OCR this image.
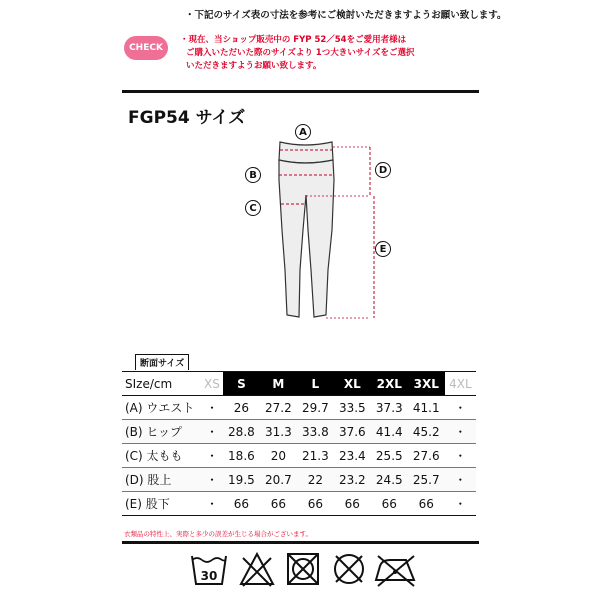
・下記のサイズ表の寸法を参考にご検討いただきますようお願い致します。
CHECK
・現在、当ショップ販売中の FYP 52／54をご愛用者様は
ご購入いただいた際のサイズより 1つ大きいサイズをご選択
いただきますようお願い致します。
FGP54 サイズ
A
B
C
D
E
断面サイズ
SIze/cm	XS	S	M	L	XL	2XL	3XL	4XL
(A) ウエスト	・	26	27.2	29.7	33.5	37.3	41.1	・
(B) ヒップ	・	28.8	31.3	33.8	37.6	41.4	45.2	・
(C) 太もも	・	18.6	20	21.3	23.4	25.5	27.6	・
(D) 股上	・	19.5	20.7	22	23.2	24.5	25.7	・
(E) 股下	・	66	66	66	66	66	66	・
衣類品の特性上、実際と多少の誤差が生じる場合がございます。
30
